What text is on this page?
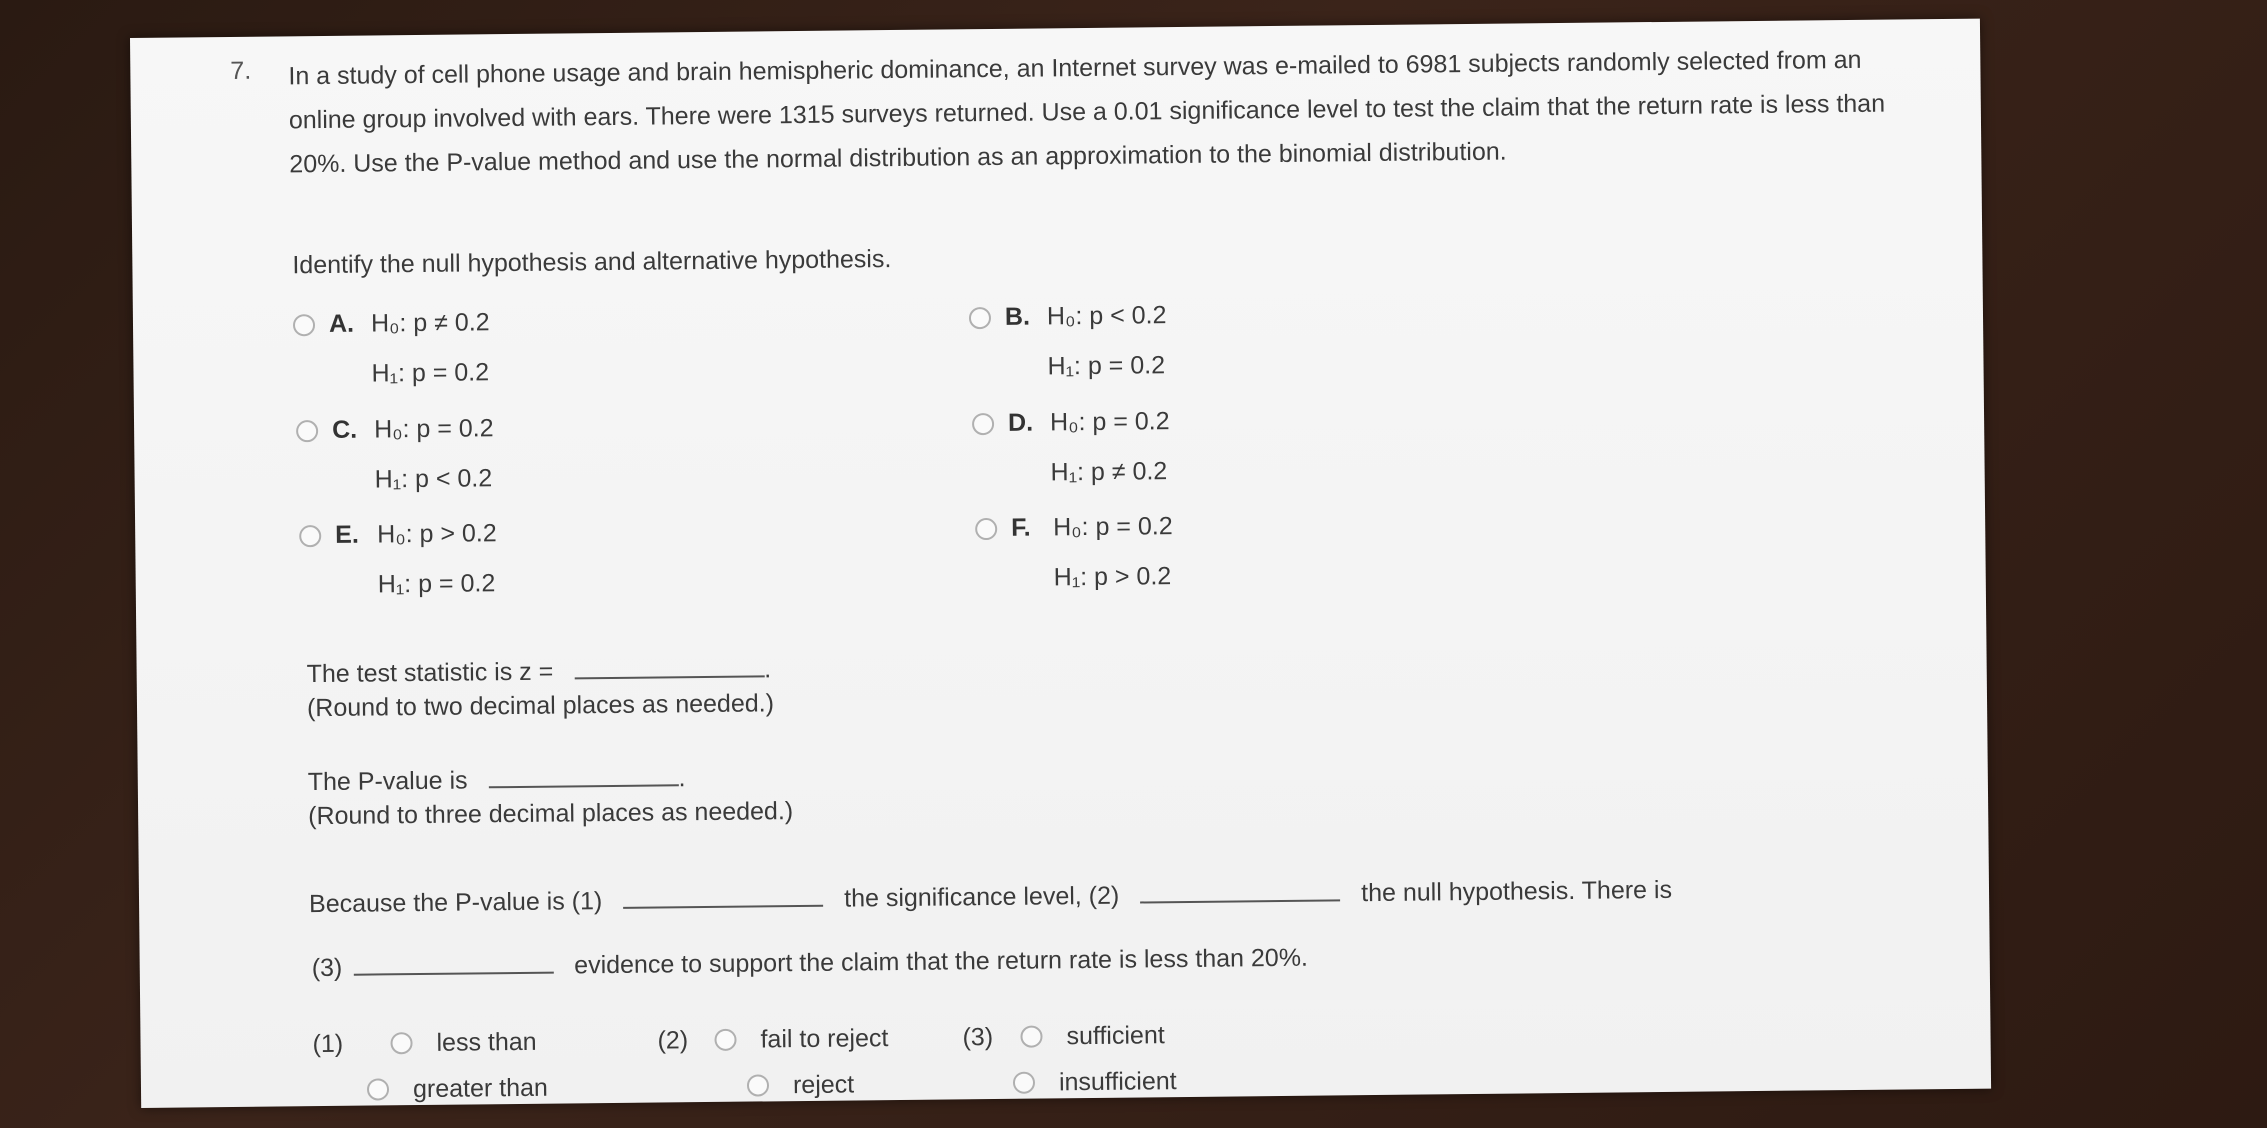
7. In a study of cell phone usage and brain hemispheric dominance, an Internet survey was e-mailed to 6981 subjects randomly selected from an online group involved with ears. There were 1315 surveys returned. Use a 0.01 significance level to test the claim that the return rate is less than 20%. Use the P-value method and use the normal distribution as an approximation to the binomial distribution.
Identify the null hypothesis and alternative hypothesis.
A. H₀: p ≠ 0.2
H₁: p = 0.2
B. H₀: p < 0.2
H₁: p = 0.2
C. H₀: p = 0.2
H₁: p < 0.2
D. H₀: p = 0.2
H₁: p ≠ 0.2
E. H₀: p > 0.2
H₁: p = 0.2
F. H₀: p = 0.2
H₁: p > 0.2
The test statistic is z =	.
(Round to two decimal places as needed.)
The P-value is	.
(Round to three decimal places as needed.)
Because the P-value is (1)	the significance level, (2)	the null hypothesis. There is
(3)	evidence to support the claim that the return rate is less than 20%.
(1)	less than
greater than
(2)	fail to reject
reject
(3)	sufficient
insufficient
